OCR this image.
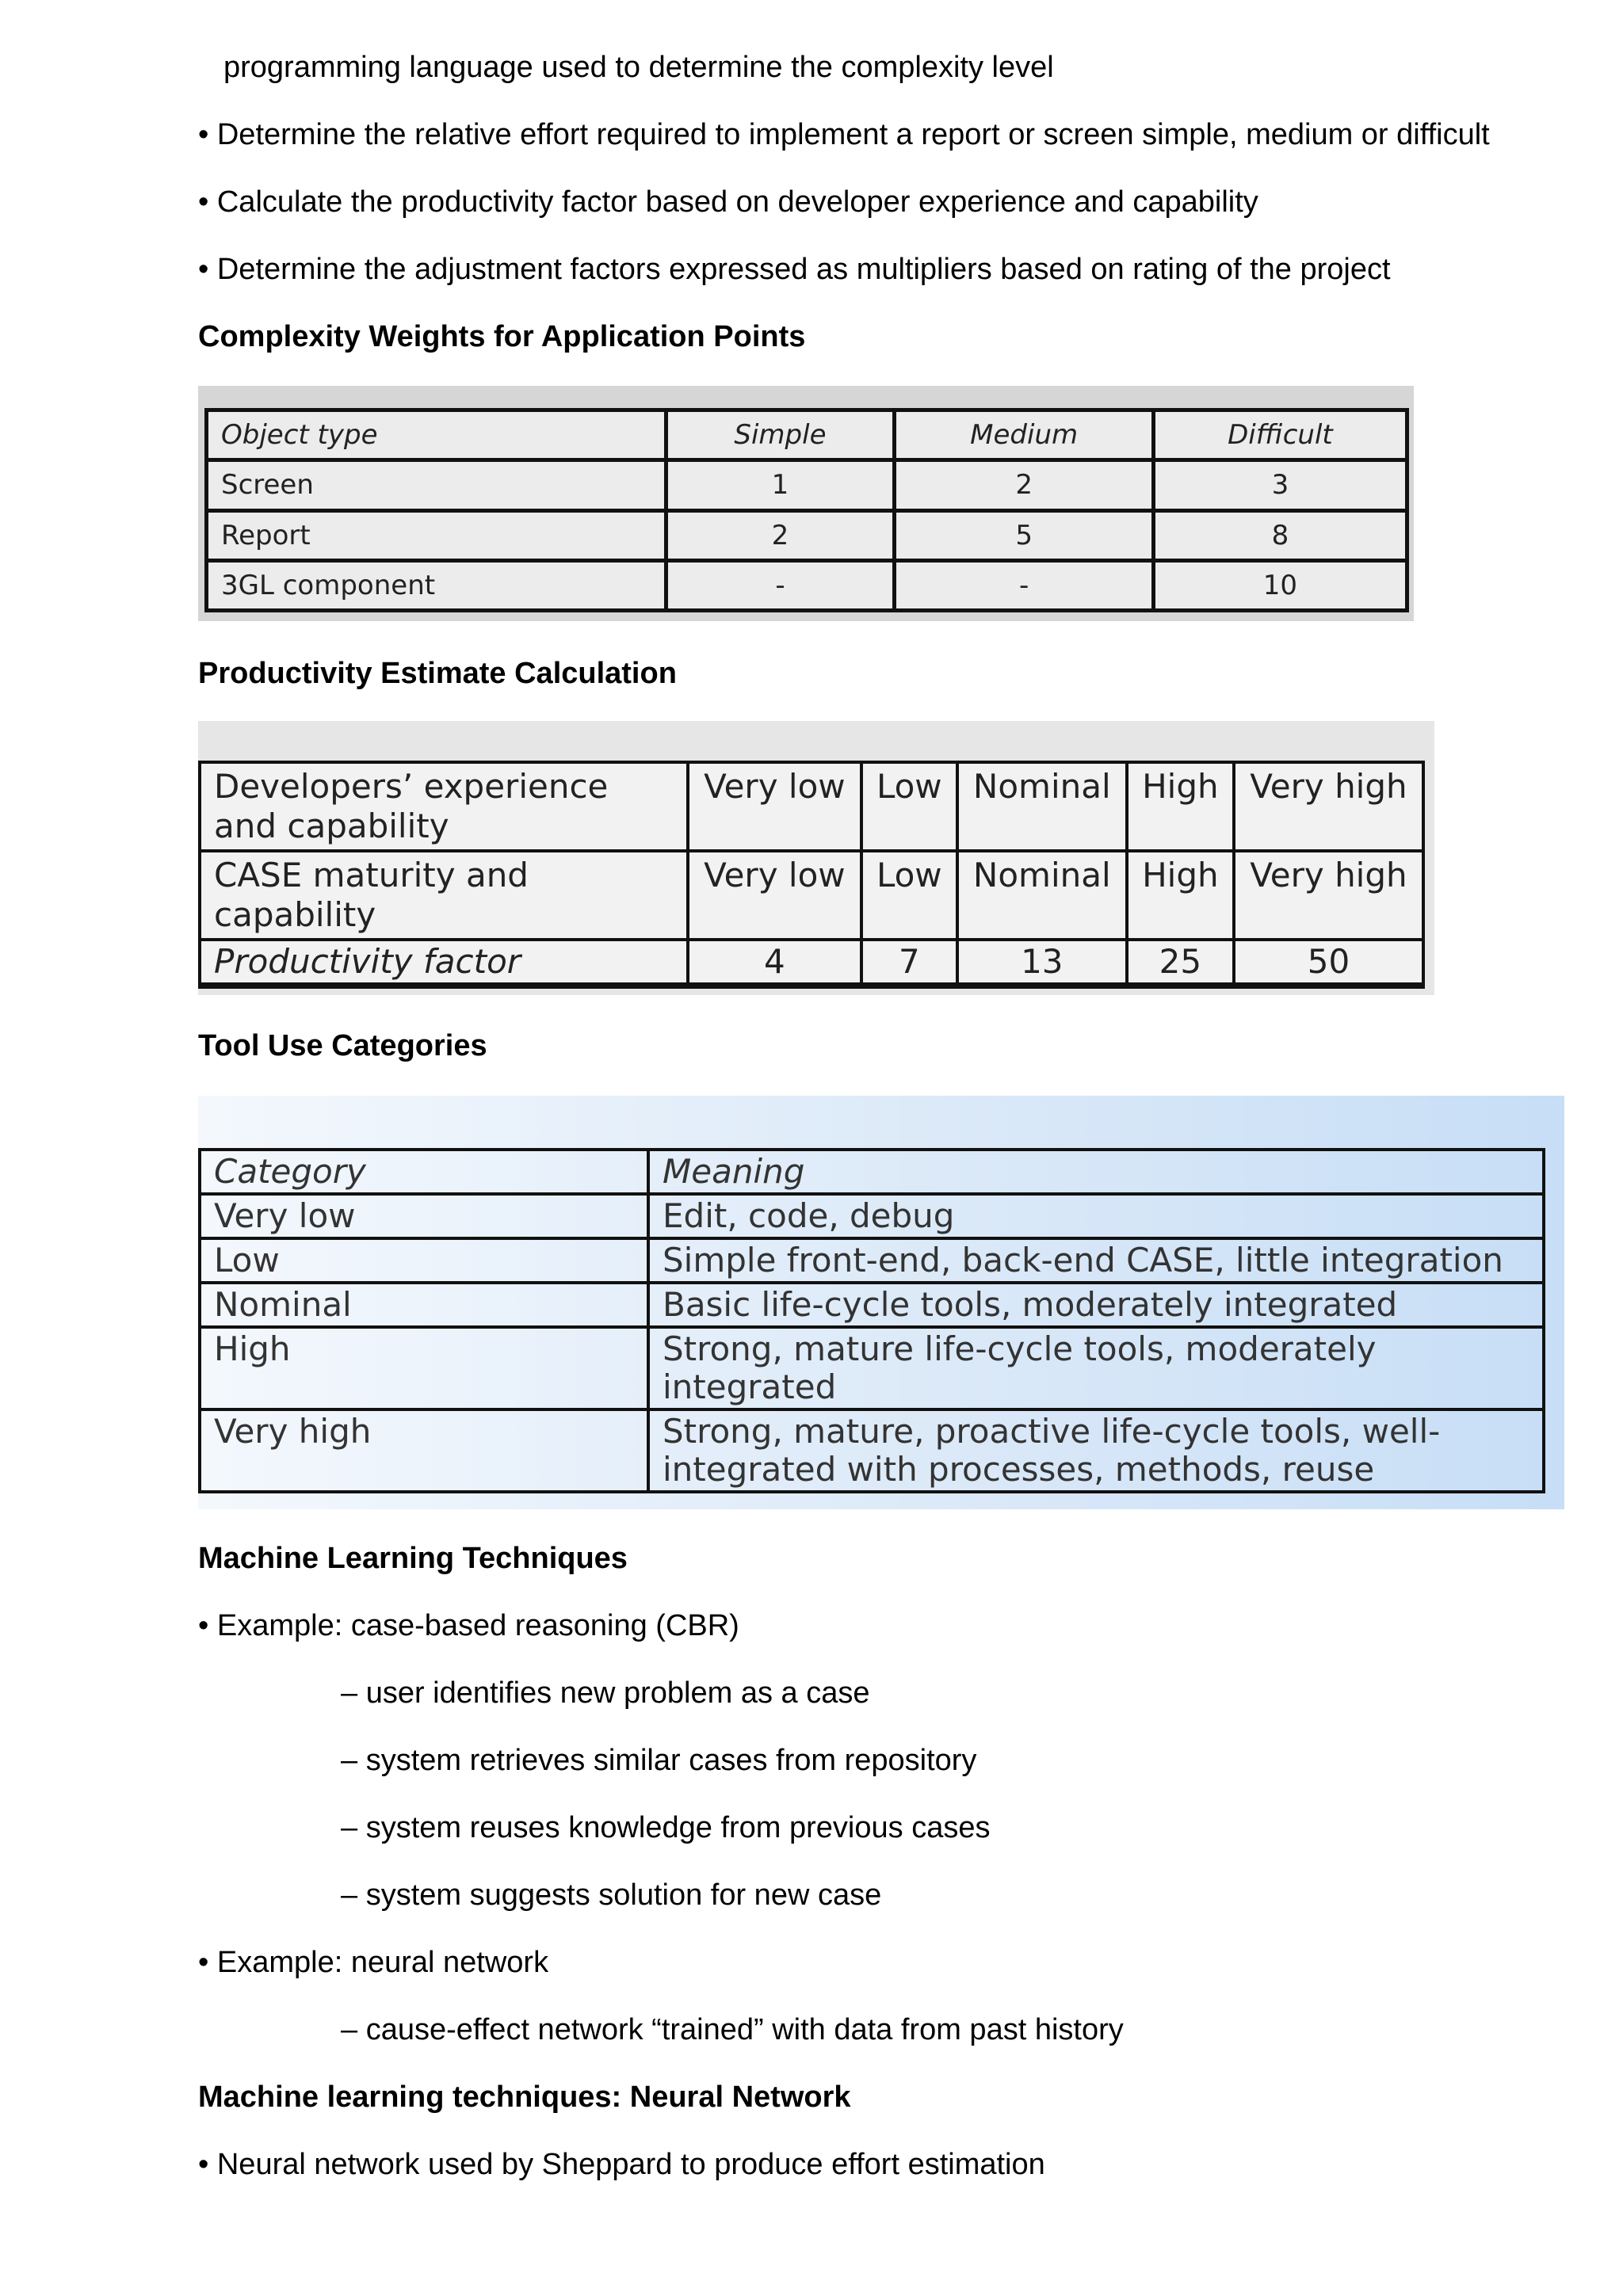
programming language used to determine the complexity level
• Determine the relative effort required to implement a report or screen simple, medium or difficult
• Calculate the productivity factor based on developer experience and capability
• Determine the adjustment factors expressed as multipliers based on rating of the project
Complexity Weights for Application Points
Object type	Simple	Medium	Difficult
Screen	1	2	3
Report	2	5	8
3GL component	-	-	10
Productivity Estimate Calculation
Developers’ experience and capability	Very low	Low	Nominal	High	Very high
CASE maturity and capability	Very low	Low	Nominal	High	Very high
Productivity factor	4	7	13	25	50
Tool Use Categories
Category	Meaning
Very low	Edit, code, debug
Low	Simple front-end, back-end CASE, little integration
Nominal	Basic life-cycle tools, moderately integrated
High	Strong, mature life-cycle tools, moderately integrated
Very high	Strong, mature, proactive life-cycle tools, well-integrated with processes, methods, reuse
Machine Learning Techniques
• Example: case-based reasoning (CBR)
– user identifies new problem as a case
– system retrieves similar cases from repository
– system reuses knowledge from previous cases
– system suggests solution for new case
• Example: neural network
– cause-effect network “trained” with data from past history
Machine learning techniques: Neural Network
• Neural network used by Sheppard to produce effort estimation
